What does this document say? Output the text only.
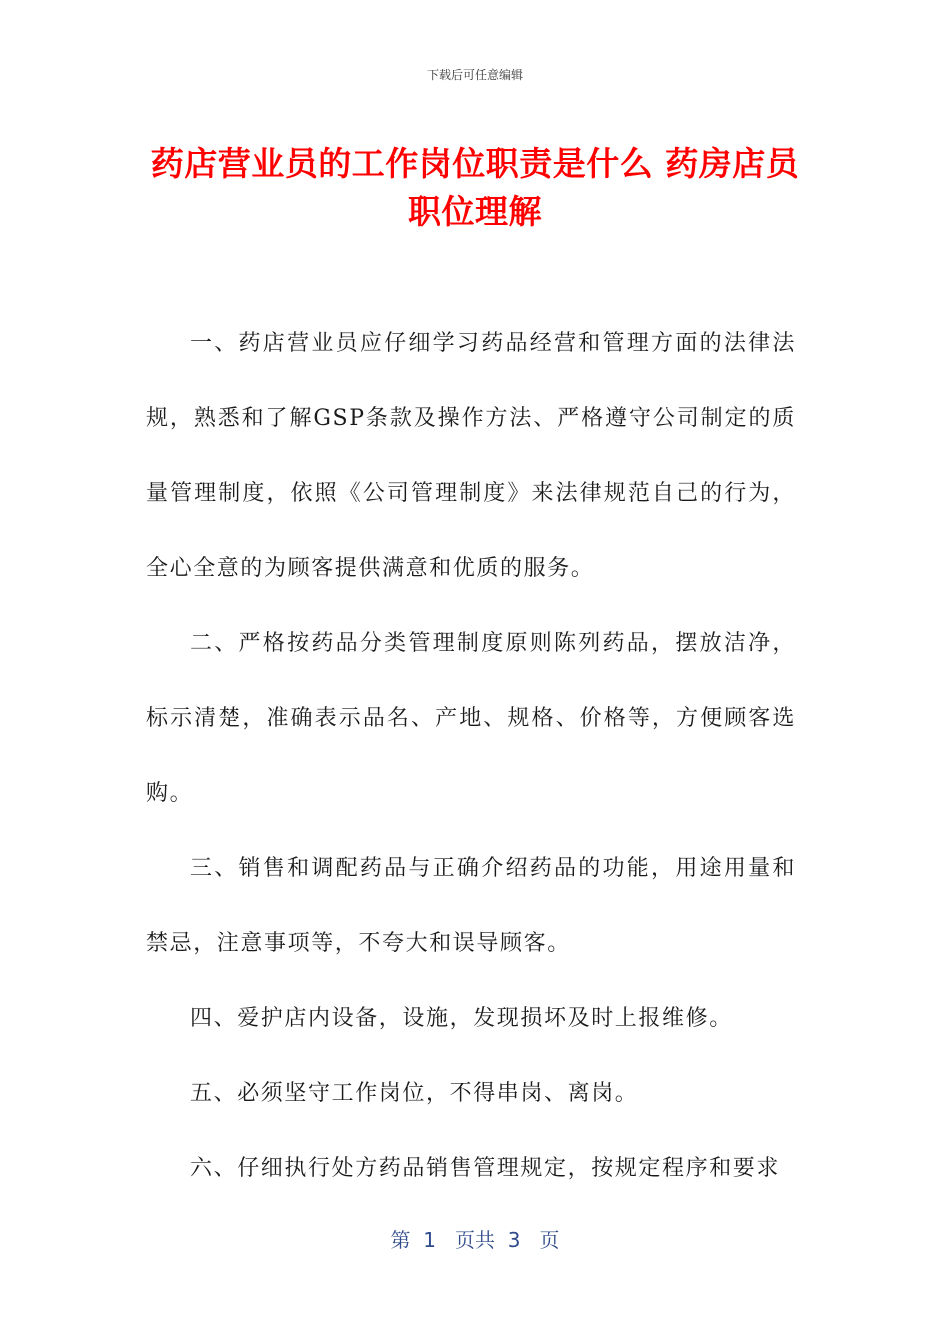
下载后可任意编辑
药店营业员的工作岗位职责是什么 药房店员
职位理解

一、药店营业员应仔细学习药品经营和管理方面的法律法规，熟悉和了解GSP条款及操作方法、严格遵守公司制定的质量管理制度，依照《公司管理制度》来法律规范自己的行为，全心全意的为顾客提供满意和优质的服务。

二、严格按药品分类管理制度原则陈列药品，摆放洁净，标示清楚，准确表示品名、产地、规格、价格等，方便顾客选购。

三、销售和调配药品与正确介绍药品的功能，用途用量和禁忌，注意事项等，不夸大和误导顾客。

四、爱护店内设备，设施，发现损坏及时上报维修。

五、必须坚守工作岗位，不得串岗、离岗。

六、仔细执行处方药品销售管理规定，按规定程序和要求

第  1   页共  3   页
